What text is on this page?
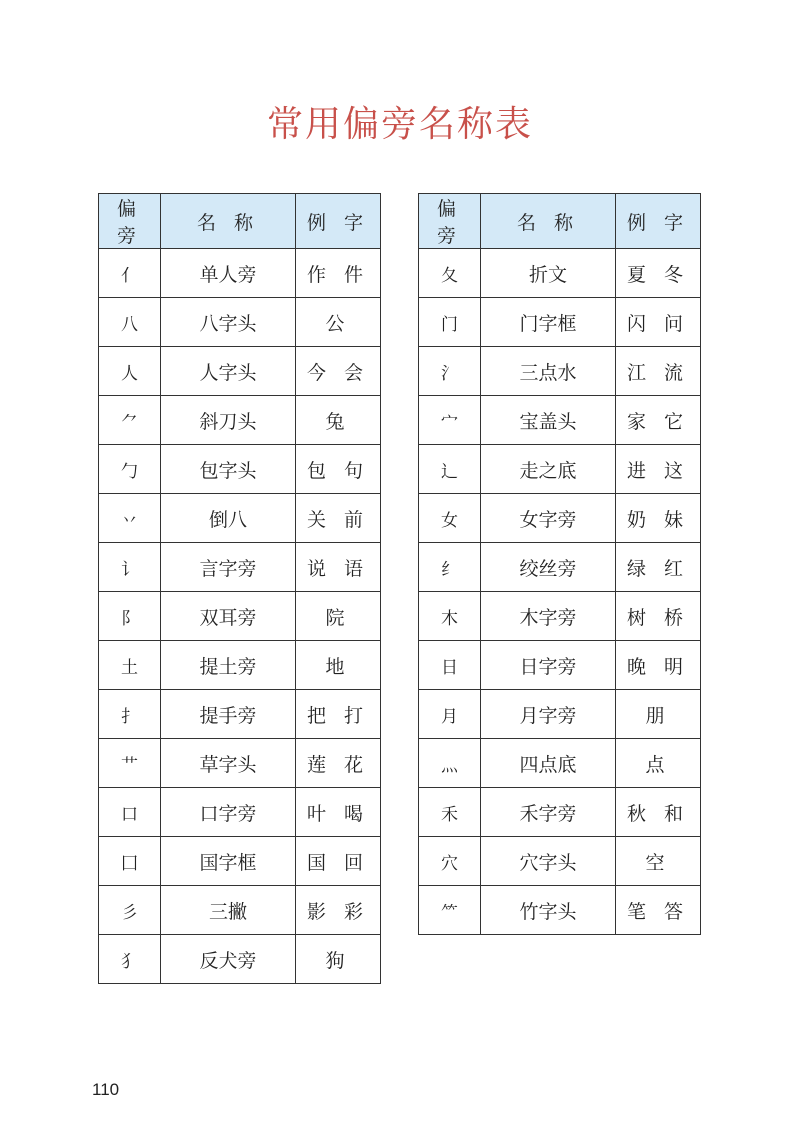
常用偏旁名称表
偏 旁	名 称	例 字
亻	单人旁	作 件
八	八字头	公
人	人字头	今 会
⺈	斜刀头	兔
勹	包字头	包 句
丷	倒八	关 前
讠	言字旁	说 语
阝	双耳旁	院
土	提土旁	地
扌	提手旁	把 打
艹	草字头	莲 花
口	口字旁	叶 喝
囗	国字框	国 回
彡	三撇	影 彩
犭	反犬旁	狗
偏 旁	名 称	例 字
夂	折文	夏 冬
门	门字框	闪 问
氵	三点水	江 流
宀	宝盖头	家 它
辶	走之底	进 这
女	女字旁	奶 妹
纟	绞丝旁	绿 红
木	木字旁	树 桥
日	日字旁	晚 明
月	月字旁	朋
灬	四点底	点
禾	禾字旁	秋 和
穴	穴字头	空
⺮	竹字头	笔 答
110
